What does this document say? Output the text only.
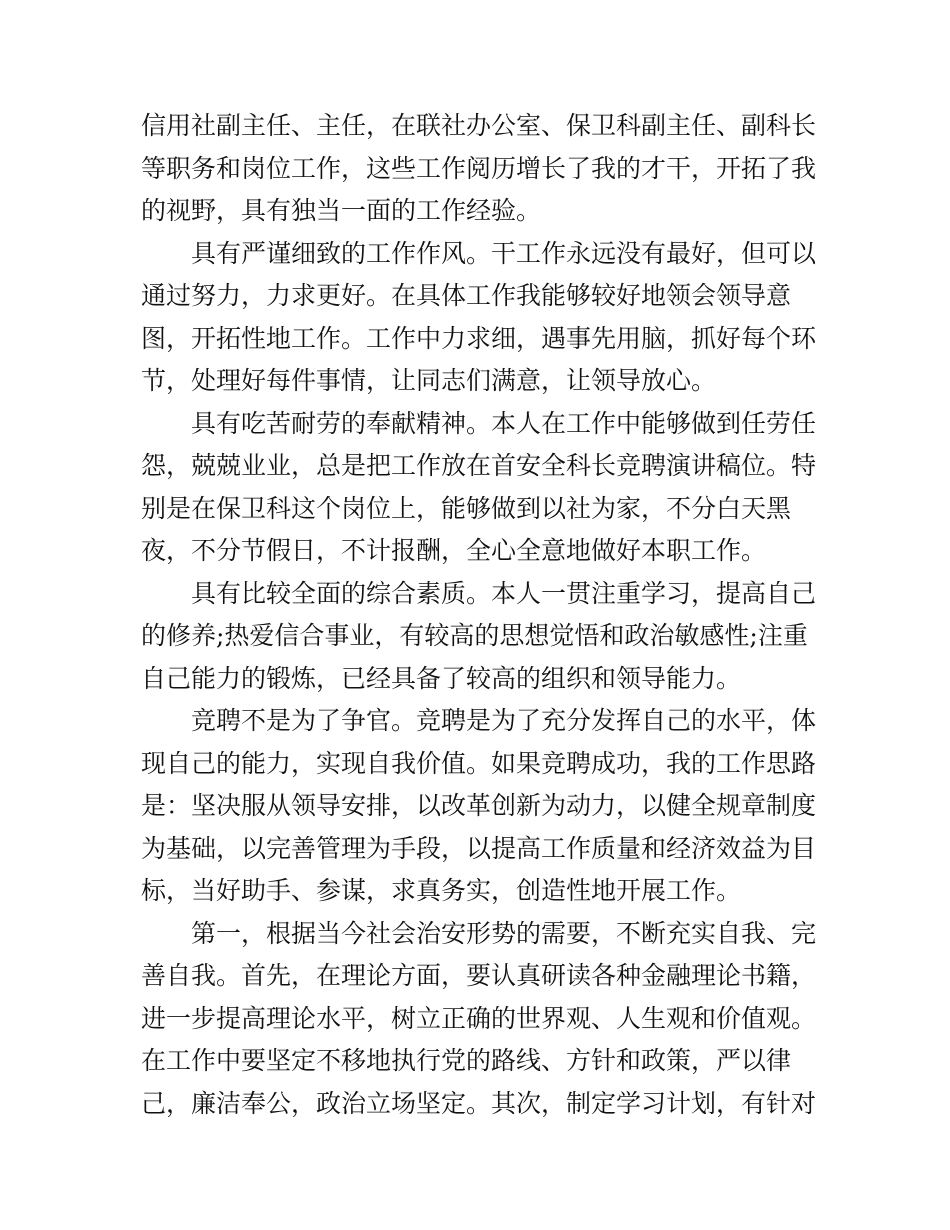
信用社副主任、主任，在联社办公室、保卫科副主任、副科长
等职务和岗位工作，这些工作阅历增长了我的才干，开拓了我
的视野，具有独当一面的工作经验。
具有严谨细致的工作作风。干工作永远没有最好，但可以
通过努力，力求更好。在具体工作我能够较好地领会领导意
图，开拓性地工作。工作中力求细，遇事先用脑，抓好每个环
节，处理好每件事情，让同志们满意，让领导放心。
具有吃苦耐劳的奉献精神。本人在工作中能够做到任劳任
怨，兢兢业业，总是把工作放在首安全科长竞聘演讲稿位。特
别是在保卫科这个岗位上，能够做到以社为家，不分白天黑
夜，不分节假日，不计报酬，全心全意地做好本职工作。
具有比较全面的综合素质。本人一贯注重学习，提高自己
的修养;热爱信合事业，有较高的思想觉悟和政治敏感性;注重
自己能力的锻炼，已经具备了较高的组织和领导能力。
竞聘不是为了争官。竞聘是为了充分发挥自己的水平，体
现自己的能力，实现自我价值。如果竞聘成功，我的工作思路
是：坚决服从领导安排，以改革创新为动力，以健全规章制度
为基础，以完善管理为手段，以提高工作质量和经济效益为目
标，当好助手、参谋，求真务实，创造性地开展工作。
第一，根据当今社会治安形势的需要，不断充实自我、完
善自我。首先，在理论方面，要认真研读各种金融理论书籍，
进一步提高理论水平，树立正确的世界观、人生观和价值观。
在工作中要坚定不移地执行党的路线、方针和政策，严以律
己，廉洁奉公，政治立场坚定。其次，制定学习计划，有针对
